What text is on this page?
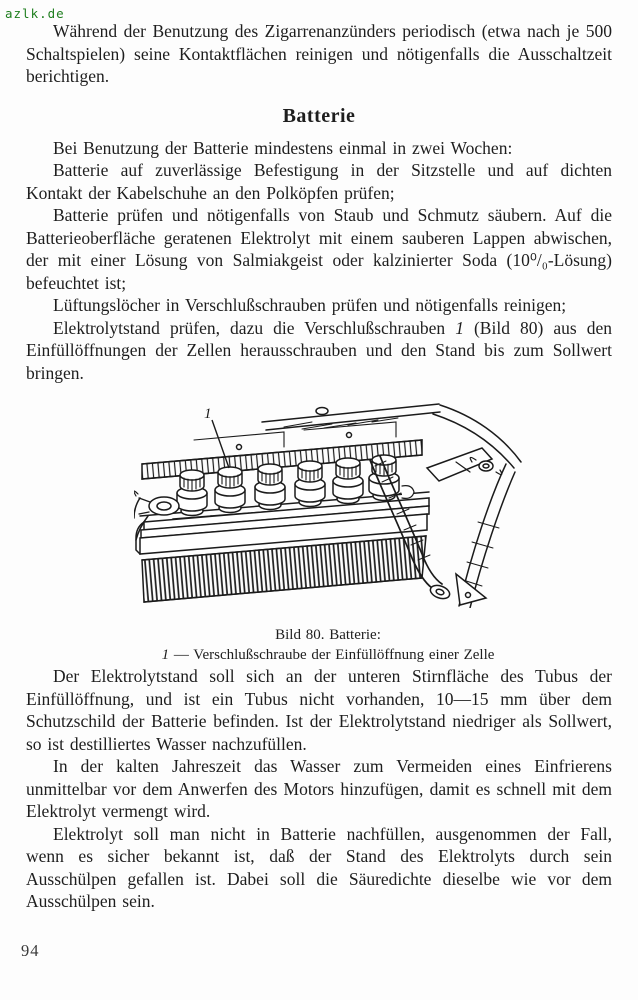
azlk.de

Während der Benutzung des Zigarrenanzünders periodisch (etwa nach je 500 Schaltspielen) seine Kontaktflächen reinigen und nötigenfalls die Ausschaltzeit berichtigen.

Batterie

Bei Benutzung der Batterie mindestens einmal in zwei Wochen:

Batterie auf zuverlässige Befestigung in der Sitzstelle und auf dichten Kontakt der Kabelschuhe an den Polköpfen prüfen;

Batterie prüfen und nötigenfalls von Staub und Schmutz säubern. Auf die Batterieoberfläche geratenen Elektrolyt mit einem sauberen Lappen abwischen, der mit einer Lösung von Salmiakgeist oder kalzinierter Soda (10⁰/₀-Lösung) befeuchtet ist;

Lüftungslöcher in Verschlußschrauben prüfen und nötigenfalls reinigen;

Elektrolytstand prüfen, dazu die Verschlußschrauben 1 (Bild 80) aus den Einfüllöffnungen der Zellen herausschrauben und den Stand bis zum Sollwert bringen.

1
Bild 80. Batterie:
1 — Verschlußschraube der Einfüllöffnung einer Zelle

Der Elektrolytstand soll sich an der unteren Stirnfläche des Tubus der Einfüllöffnung, und ist ein Tubus nicht vorhanden, 10—15 mm über dem Schutzschild der Batterie befinden. Ist der Elektrolytstand niedriger als Sollwert, so ist destilliertes Wasser nachzufüllen.

In der kalten Jahreszeit das Wasser zum Vermeiden eines Einfrierens unmittelbar vor dem Anwerfen des Motors hinzufügen, damit es schnell mit dem Elektrolyt vermengt wird.

Elektrolyt soll man nicht in Batterie nachfüllen, ausgenommen der Fall, wenn es sicher bekannt ist, daß der Stand des Elektrolyts durch sein Ausschülpen gefallen ist. Dabei soll die Säuredichte dieselbe wie vor dem Ausschülpen sein.

94
